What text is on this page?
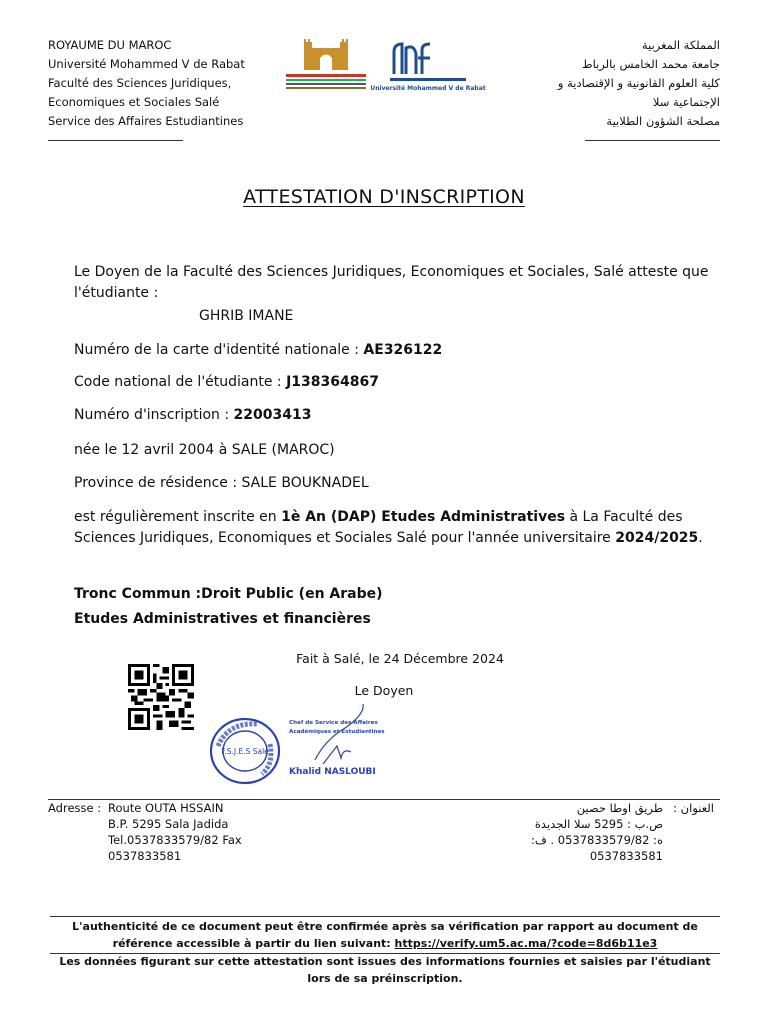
ROYAUME DU MAROC
Université Mohammed V de Rabat
Faculté des Sciences Juridiques,
Economiques et Sociales Salé
Service des Affaires Estudiantines
المملكة المغربية
جامعة محمد الخامس بالرباط
كلية العلوم القانونية و الإقتصادية و
الإجتماعية سلا
مصلحة الشؤون الطلابية
Université Mohammed V de Rabat
ATTESTATION D'INSCRIPTION
Le Doyen de la Faculté des Sciences Juridiques, Economiques et Sociales, Salé atteste que l'étudiante :
GHRIB IMANE
Numéro de la carte d'identité nationale : AE326122
Code national de l'étudiante : J138364867
Numéro d'inscription : 22003413
née le 12 avril 2004 à SALE (MAROC)
Province de résidence : SALE BOUKNADEL
est régulièrement inscrite en 1è An (DAP) Etudes Administratives à La Faculté des Sciences Juridiques, Economiques et Sociales Salé pour l'année universitaire 2024/2025.
Tronc Commun :Droit Public (en Arabe)
Etudes Administratives et financières
Fait à Salé, le 24 Décembre 2024
Le Doyen
F.S.J.E.S Salé
Chef de Service des Affaires
Académiques et Estudiantines
Khalid NASLOUBI
Adresse : Route OUTA HSSAIN
B.P. 5295 Sala Jadida
Tel.0537833579/82 Fax
0537833581
العنوان :
طريق اوطا حصين
ص.ب : 5295 سلا الجديدة
ه: 0537833579/82 . ف:
0537833581
L'authenticité de ce document peut être confirmée après sa vérification par rapport au document de référence accessible à partir du lien suivant: https://verify.um5.ac.ma/?code=8d6b11e3
Les données figurant sur cette attestation sont issues des informations fournies et saisies par l'étudiant lors de sa préinscription.
